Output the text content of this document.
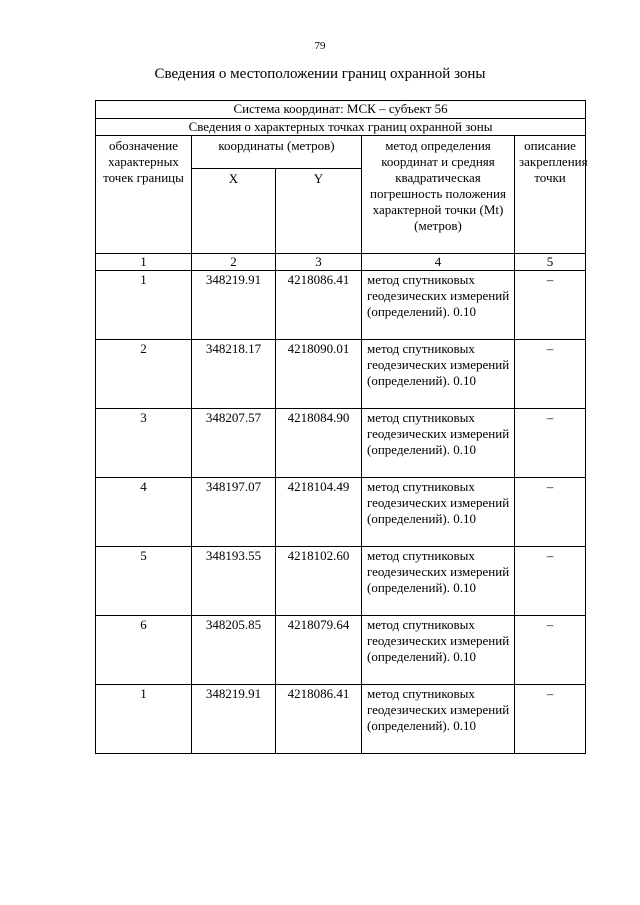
79
Сведения о местоположении границ охранной зоны
Система координат: МСК – субъект 56				
Сведения о характерных точках границ охранной зоны				
обозначение характерных точек границы	координаты (метров)		метод определения координат и средняя квадратическая погрешность положения характерной точки (Mt) (метров)	описание закрепления точки
	X	Y		
1	2	3	4	5
1	348219.91	4218086.41	метод спутниковых геодезических измерений (определений). 0.10	–
2	348218.17	4218090.01	метод спутниковых геодезических измерений (определений). 0.10	–
3	348207.57	4218084.90	метод спутниковых геодезических измерений (определений). 0.10	–
4	348197.07	4218104.49	метод спутниковых геодезических измерений (определений). 0.10	–
5	348193.55	4218102.60	метод спутниковых геодезических измерений (определений). 0.10	–
6	348205.85	4218079.64	метод спутниковых геодезических измерений (определений). 0.10	–
1	348219.91	4218086.41	метод спутниковых геодезических измерений (определений). 0.10	–
